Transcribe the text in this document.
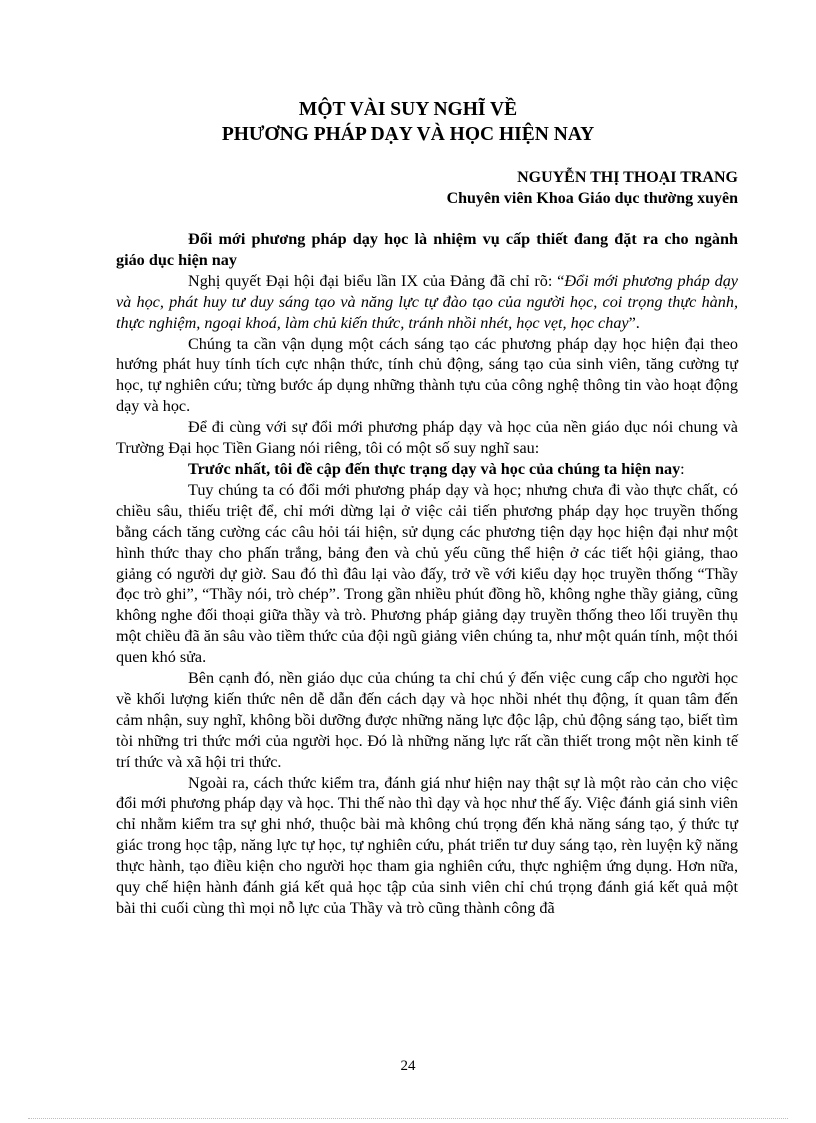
MỘT VÀI SUY NGHĨ VỀ
PHƯƠNG PHÁP DẠY VÀ HỌC HIỆN NAY
NGUYỄN THỊ THOẠI TRANG
Chuyên viên Khoa Giáo dục thường xuyên

Đổi mới phương pháp dạy học là nhiệm vụ cấp thiết đang đặt ra cho ngành giáo dục hiện nay

Nghị quyết Đại hội đại biểu lần IX của Đảng đã chỉ rõ: “Đổi mới phương pháp dạy và học, phát huy tư duy sáng tạo và năng lực tự đào tạo của người học, coi trọng thực hành, thực nghiệm, ngoại khoá, làm chủ kiến thức, tránh nhồi nhét, học vẹt, học chay”.

Chúng ta cần vận dụng một cách sáng tạo các phương pháp dạy học hiện đại theo hướng phát huy tính tích cực nhận thức, tính chủ động, sáng tạo của sinh viên, tăng cường tự học, tự nghiên cứu; từng bước áp dụng những thành tựu của công nghệ thông tin vào hoạt động dạy và học.

Để đi cùng với sự đổi mới phương pháp dạy và học của nền giáo dục nói chung và Trường Đại học Tiền Giang nói riêng, tôi có một số suy nghĩ sau:

Trước nhất, tôi đề cập đến thực trạng dạy và học của chúng ta hiện nay:

Tuy chúng ta có đổi mới phương pháp dạy và học; nhưng chưa đi vào thực chất, có chiều sâu, thiếu triệt để, chỉ mới dừng lại ở việc cải tiến phương pháp dạy học truyền thống bằng cách tăng cường các câu hỏi tái hiện, sử dụng các phương tiện dạy học hiện đại như một hình thức thay cho phấn trắng, bảng đen và chủ yếu cũng thể hiện ở các tiết hội giảng, thao giảng có người dự giờ. Sau đó thì đâu lại vào đấy, trở về với kiểu dạy học truyền thống “Thầy đọc trò ghi”, “Thầy nói, trò chép”. Trong gần nhiều phút đồng hồ, không nghe thầy giảng, cũng không nghe đối thoại giữa thầy và trò. Phương pháp giảng dạy truyền thống theo lối truyền thụ một chiều đã ăn sâu vào tiềm thức của đội ngũ giảng viên chúng ta, như một quán tính, một thói quen khó sửa.

Bên cạnh đó, nền giáo dục của chúng ta chỉ chú ý đến việc cung cấp cho người học về khối lượng kiến thức nên dễ dẫn đến cách dạy và học nhồi nhét thụ động, ít quan tâm đến cảm nhận, suy nghĩ, không bồi dưỡng được những năng lực độc lập, chủ động sáng tạo, biết tìm tòi những tri thức mới của người học. Đó là những năng lực rất cần thiết trong một nền kinh tế trí thức và xã hội tri thức.

Ngoài ra, cách thức kiểm tra, đánh giá như hiện nay thật sự là một rào cản cho việc đổi mới phương pháp dạy và học. Thi thế nào thì dạy và học như thế ấy. Việc đánh giá sinh viên chỉ nhằm kiểm tra sự ghi nhớ, thuộc bài mà không chú trọng đến khả năng sáng tạo, ý thức tự giác trong học tập, năng lực tự học, tự nghiên cứu, phát triển tư duy sáng tạo, rèn luyện kỹ năng thực hành, tạo điều kiện cho người học tham gia nghiên cứu, thực nghiệm ứng dụng. Hơn nữa, quy chế hiện hành đánh giá kết quả học tập của sinh viên chỉ chú trọng đánh giá kết quả một bài thi cuối cùng thì mọi nỗ lực của Thầy và trò cũng thành công đã

24
